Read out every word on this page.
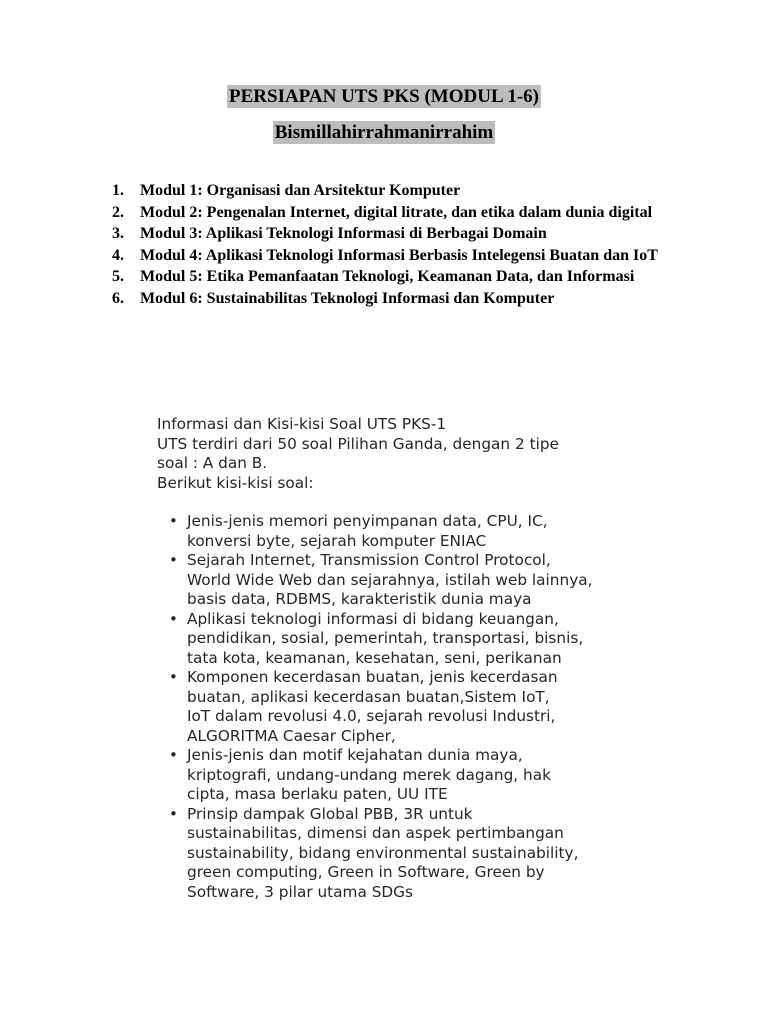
PERSIAPAN UTS PKS (MODUL 1-6)
Bismillahirrahmanirrahim
1.	Modul 1: Organisasi dan Arsitektur Komputer
2.	Modul 2: Pengenalan Internet, digital litrate, dan etika dalam dunia digital
3.	Modul 3: Aplikasi Teknologi Informasi di Berbagai Domain
4.	Modul 4: Aplikasi Teknologi Informasi Berbasis Intelegensi Buatan dan IoT
5.	Modul 5: Etika Pemanfaatan Teknologi, Keamanan Data, dan Informasi
6.	Modul 6: Sustainabilitas Teknologi Informasi dan Komputer

Informasi dan Kisi-kisi Soal UTS PKS-1

UTS terdiri dari 50 soal Pilihan Ganda, dengan 2 tipe

soal : A dan B.

Berikut kisi-kisi soal:

• Jenis-jenis memori penyimpanan data, CPU, IC,
konversi byte, sejarah komputer ENIAC
• Sejarah Internet, Transmission Control Protocol,
World Wide Web dan sejarahnya, istilah web lainnya,
basis data, RDBMS, karakteristik dunia maya
• Aplikasi teknologi informasi di bidang keuangan,
pendidikan, sosial, pemerintah, transportasi, bisnis,
tata kota, keamanan, kesehatan, seni, perikanan
• Komponen kecerdasan buatan, jenis kecerdasan
buatan, aplikasi kecerdasan buatan,Sistem IoT,
IoT dalam revolusi 4.0, sejarah revolusi Industri,
ALGORITMA Caesar Cipher,
• Jenis-jenis dan motif kejahatan dunia maya,
kriptografi, undang-undang merek dagang, hak
cipta, masa berlaku paten, UU ITE
• Prinsip dampak Global PBB, 3R untuk
sustainabilitas, dimensi dan aspek pertimbangan
sustainability, bidang environmental sustainability,
green computing, Green in Software, Green by
Software, 3 pilar utama SDGs
